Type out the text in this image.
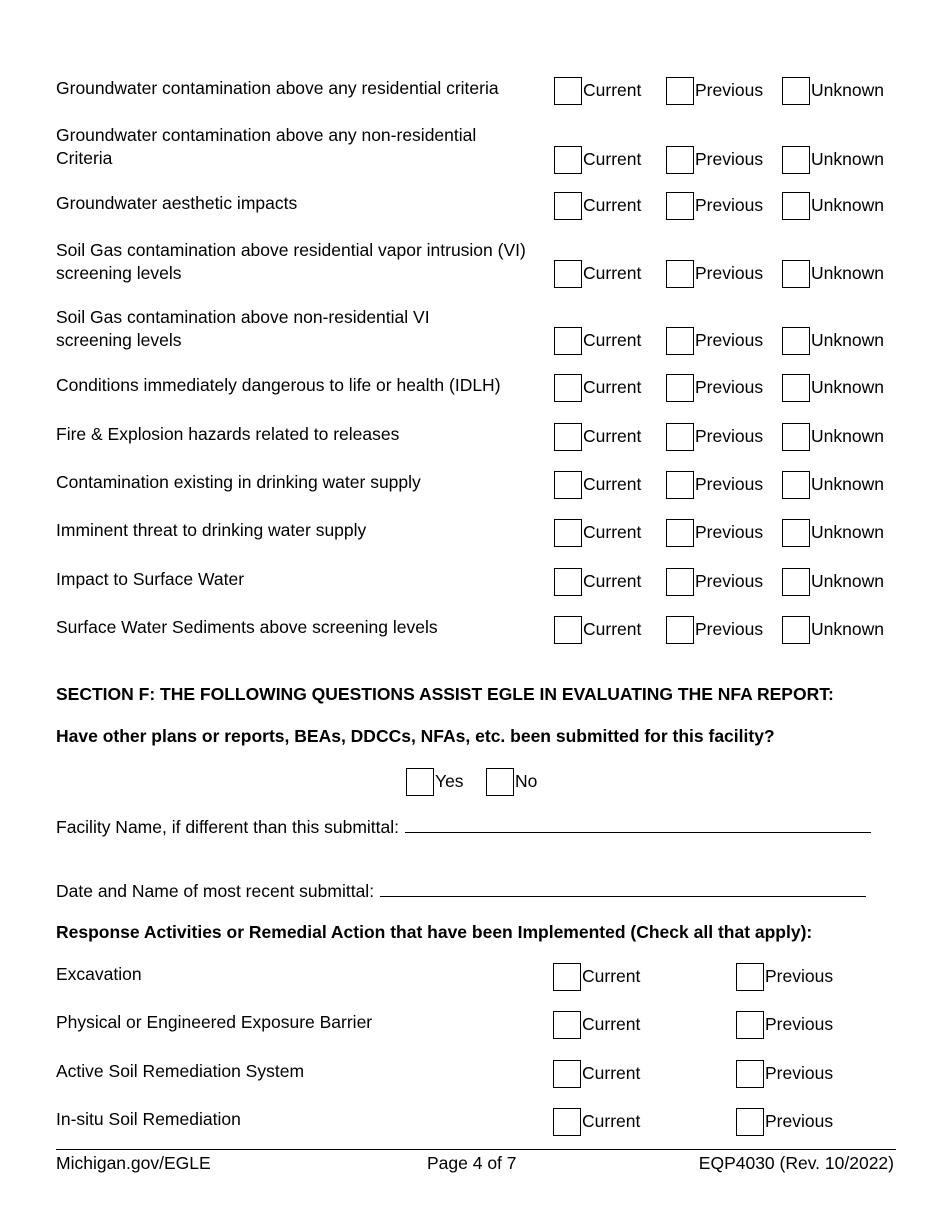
Groundwater contamination above any residential criteria	Current	Previous	Unknown
Groundwater contamination above any non-residential Criteria	Current	Previous	Unknown
Groundwater aesthetic impacts	Current	Previous	Unknown
Soil Gas contamination above residential vapor intrusion (VI) screening levels	Current	Previous	Unknown
Soil Gas contamination above non-residential VI screening levels	Current	Previous	Unknown
Conditions immediately dangerous to life or health (IDLH)	Current	Previous	Unknown
Fire & Explosion hazards related to releases	Current	Previous	Unknown
Contamination existing in drinking water supply	Current	Previous	Unknown
Imminent threat to drinking water supply	Current	Previous	Unknown
Impact to Surface Water	Current	Previous	Unknown
Surface Water Sediments above screening levels	Current	Previous	Unknown
SECTION F: THE FOLLOWING QUESTIONS ASSIST EGLE IN EVALUATING THE NFA REPORT:
Have other plans or reports, BEAs, DDCCs, NFAs, etc. been submitted for this facility?
Yes	No
Facility Name, if different than this submittal:
Date and Name of most recent submittal:
Response Activities or Remedial Action that have been Implemented (Check all that apply):
Excavation	Current	Previous
Physical or Engineered Exposure Barrier	Current	Previous
Active Soil Remediation System	Current	Previous
In-situ Soil Remediation	Current	Previous
Michigan.gov/EGLE	Page 4 of 7	EQP4030 (Rev. 10/2022)
